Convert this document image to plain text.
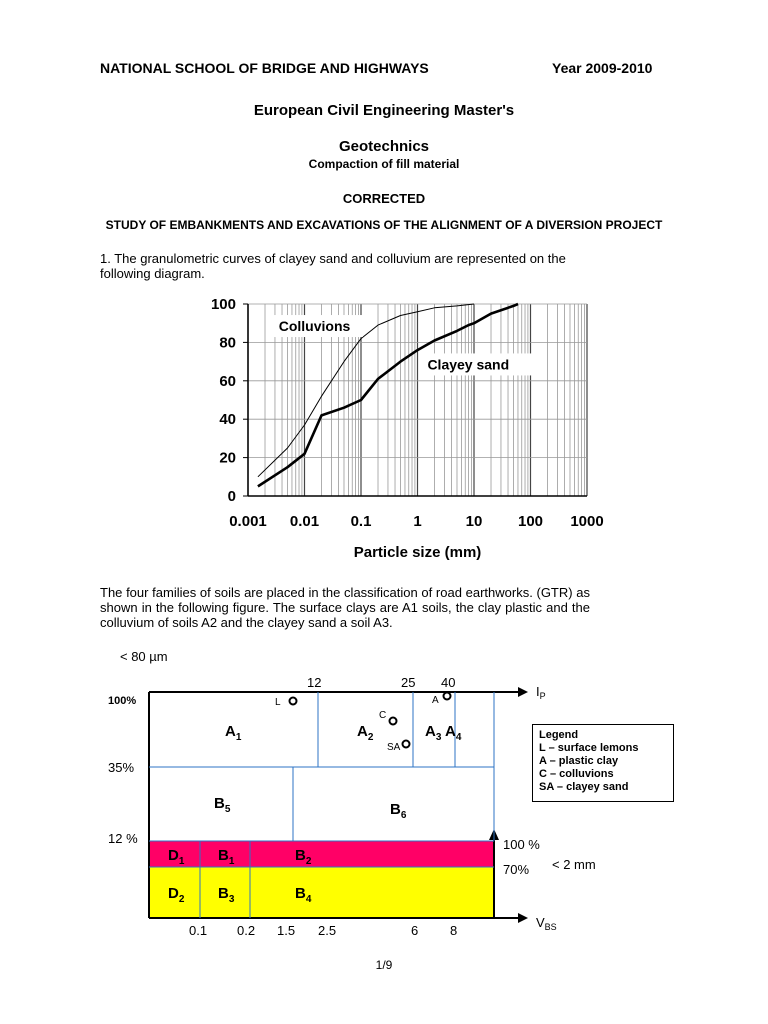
NATIONAL SCHOOL OF BRIDGE AND HIGHWAYS	Year 2009-2010
European Civil Engineering Master's
Geotechnics
Compaction of fill material
CORRECTED
STUDY OF EMBANKMENTS AND EXCAVATIONS OF THE ALIGNMENT OF A DIVERSION PROJECT
1. The granulometric curves of clayey sand and colluvium are represented on the following diagram.
0
20
40
60
80
100
0.001 0.01 0.1	1	10 100 1000
Particle size (mm)
Colluvions
Clayey sand
The four families of soils are placed in the classification of road earthworks. (GTR) as shown in the following figure. The surface clays are A1 soils, the clay plastic and the colluvium of soils A2 and the clayey sand a soil A3.
< 80 µm
100%
35%
12 %
12	25 40
$I_P$
0.1 0.2 1.5 2.5	6 8
$V_{BS}$
100 %
70% < 2 mm
$A_1$	$A_2$	$A_3$ $A_4$
$B_5$	$B_6$
$D_1$ $B_1$	$B_2$
$D_2$ $B_3$	$B_4$
L
C
A
SA
Legend
L – surface lemons
A – plastic clay
C – colluvions
SA – clayey sand
1/9
